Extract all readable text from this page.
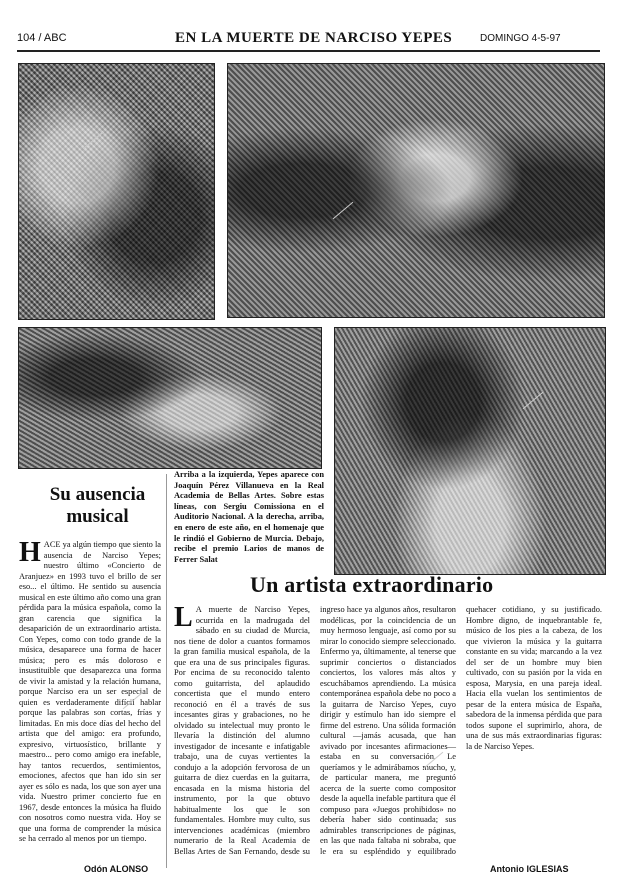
104 / ABC	EN LA MUERTE DE NARCISO YEPES	DOMINGO 4-5-97
Arriba a la izquierda, Yepes aparece con Joaquín Pérez Villanueva en la Real Academia de Bellas Artes. Sobre estas líneas, con Sergiu Comissiona en el Auditorio Nacional. A la derecha, arriba, en enero de este año, en el homenaje que le rindió el Gobierno de Murcia. Debajo, recibe el premio Larios de manos de Ferrer Salat
Su ausencia musical
HACE ya algún tiempo que siento la ausencia de Narciso Yepes; nuestro último «Concierto de Aranjuez» en 1993 tuvo el brillo de ser eso... el último. He sentido su ausencia musical en este último año como una gran pérdida para la música española, como la gran carencia que significa la desaparición de un extraordinario artista. Con Yepes, como con todo grande de la música, desaparece una forma de hacer música; pero es más doloroso e insustituible que desaparezca una forma de vivir la amistad y la relación humana, porque Narciso era un ser especial de quien es verdaderamente difícil hablar porque las palabras son cortas, frías y limitadas. En mis doce días del hecho del artista que del amigo: era profundo, expresivo, virtuosístico, brillante y maestro... pero como amigo era inefable, hay tantos recuerdos, sentimientos, emociones, afectos que han ido sin ser ayer es sólo es nada, los que son ayer una vida. Nuestro primer concierto fue en 1967, desde entonces la música ha fluido con nosotros como nuestra vida. Hoy se que una forma de comprender la música se ha cerrado al menos por un tiempo.
Odón ALONSO
Un artista extraordinario
L A muerte de Narciso Yepes, ocurrida en la madrugada del sábado en su ciudad de Murcia, nos tiene de dolor a cuantos formamos la gran familia musical española, de la que era una de sus principales figuras. Por encima de su reconocido talento como guitarrista, del aplaudido concertista que el mundo entero reconoció en él a través de sus incesantes giras y grabaciones, no he olvidado su intelectual muy pronto le llevaría la distinción del alumno investigador de incesante e infatigable trabajo, una de cuyas vertientes la condujo a la adopción fervorosa de un guitarra de diez cuerdas en la guitarra, encasada en la misma historia del instrumento, por la que obtuvo habitualmente los que le son fundamentales. Hombre muy culto, sus intervenciones académicas (miembro numerario de la Real Academia de Bellas Artes de San Fernando, desde su ingreso hace ya algunos años, resultaron modélicas, por la coincidencia de un muy hermoso lenguaje, así como por su mirar lo conocido siempre seleccionado. Enfermo ya, últimamente, al tenerse que suprimir conciertos o distanciados conciertos, los valores más altos y escuchábamos aprendiendo. La música contemporánea española debe no poco a la guitarra de Narciso Yepes, cuyo dirigir y estímulo han ido siempre el firme del estreno. Una sólida formación cultural —jamás acusada, que han avivado por incesantes afirmaciones— estaba en su conversación. Le queríamos y le admirábamos mucho, y, de particular manera, me preguntó acerca de la suerte como compositor desde la aquella inefable partitura que él compuso para «Juegos prohibidos» no debería haber sido continuada; sus admirables transcripciones de páginas, en las que nada faltaba ni sobraba, que le era su espléndido y equilibrado quehacer cotidiano, y su justificado. Hombre digno, de inquebrantable fe, músico de los pies a la cabeza, de los que vivieron la música y la guitarra constante en su vida; marcando a la vez del ser de un hombre muy bien cultivado, con su pasión por la vida en esposa, Marysia, en una pareja ideal. Hacia ella vuelan los sentimientos de pesar de la entera música de España, sabedora de la inmensa pérdida que para todos supone el suprimirlo, ahora, de una de sus más extraordinarias figuras: la de Narciso Yepes.
Antonio IGLESIAS
